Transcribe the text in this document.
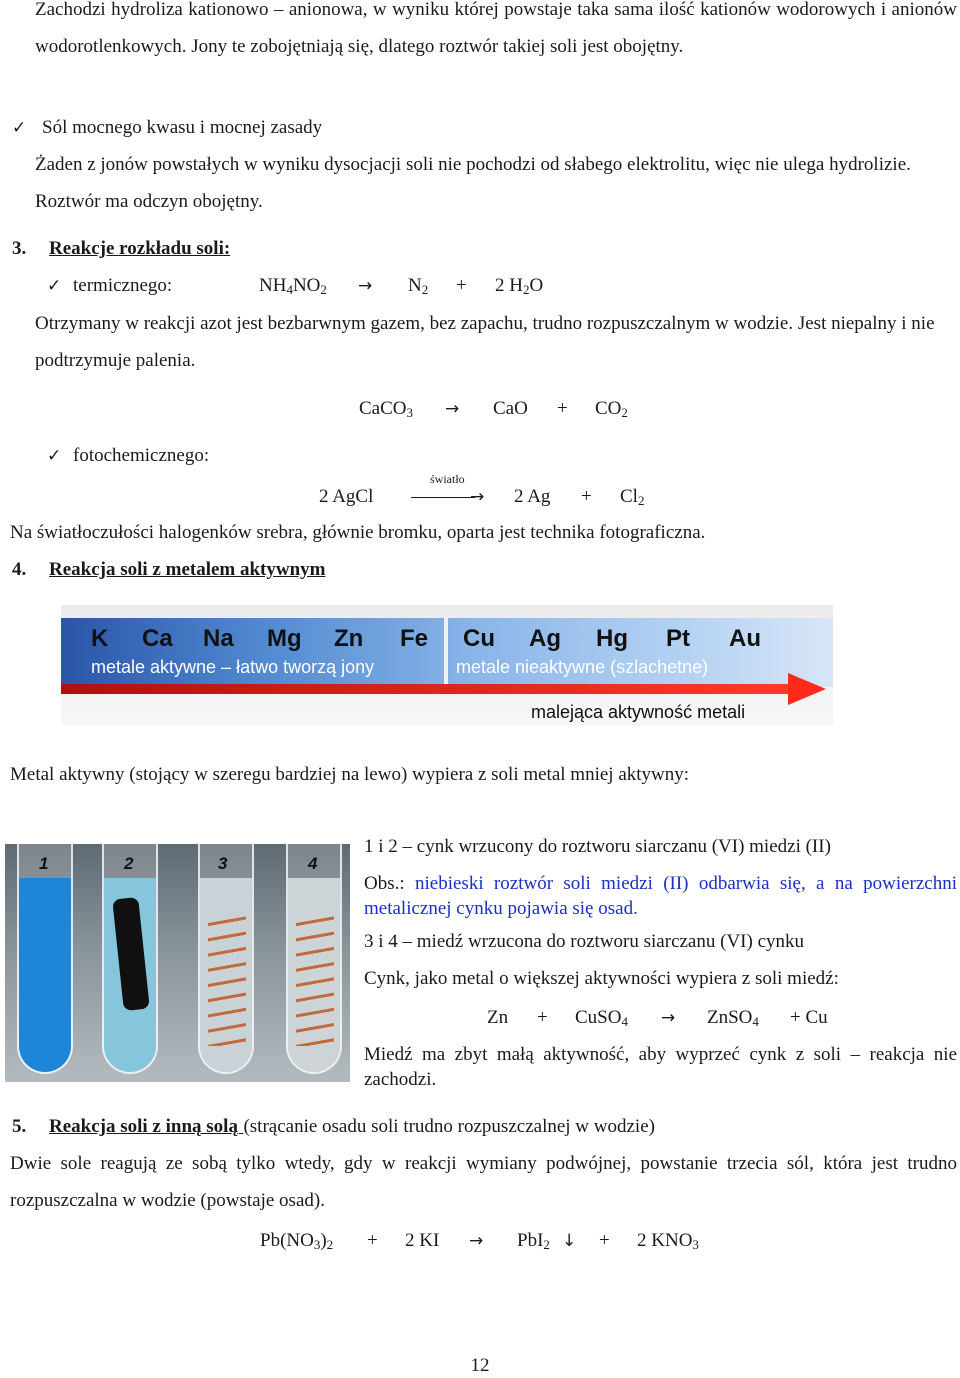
Zachodzi hydroliza kationowo – anionowa, w wyniku której powstaje taka sama ilość kationów wodorowych i anionów wodorotlenkowych. Jony te zobojętniają się, dlatego roztwór takiej soli jest obojętny.
✓ Sól mocnego kwasu i mocnej zasady
Żaden z jonów powstałych w wyniku dysocjacji soli nie pochodzi od słabego elektrolitu, więc nie ulega hydrolizie. Roztwór ma odczyn obojętny.
3. Reakcje rozkładu soli:
✓ termicznego:	$NH_4NO_2 \to N_2 + 2$ $H_2O$
Otrzymany w reakcji azot jest bezbarwnym gazem, bez zapachu, trudno rozpuszczalnym w wodzie. Jest niepalny i nie podtrzymuje palenia.
CaCO$_3$ → CaO + $CO_2$
✓ fotochemicznego:
2 AgCl
światło
→ 2 $Ag + Cl_2$
Na światłoczułości halogenków srebra, głównie bromku, oparta jest technika fotograficzna.
4. Reakcja soli z metalem aktywnym
K Ca Na Mg Zn Fe Cu Ag Hg Pt Au
metale aktywne – łatwo tworzą jony	metale nieaktywne (szlachetne)
malejąca aktywność metali
Metal aktywny (stojący w szeregu bardziej na lewo) wypiera z soli metal mniej aktywny:
1	2	3	4
1 i 2 – cynk wrzucony do roztworu siarczanu (VI) miedzi (II)
Obs.: niebieski roztwór soli miedzi (II) odbarwia się, a na powierzchni metalicznej cynku pojawia się osad.
3 i 4 – miedź wrzucona do roztworu siarczanu (VI) cynku
Cynk, jako metal o większej aktywności wypiera z soli miedź:
Zn + CuSO$_4$ → ZnSO$_4$ + Cu
Miedź ma zbyt małą aktywność, aby wyprzeć cynk z soli – reakcja nie zachodzi.
5. Reakcja soli z inną solą (strącanie osadu soli trudno rozpuszczalnej w wodzie)
Dwie sole reagują ze sobą tylko wtedy, gdy w reakcji wymiany podwójnej, powstanie trzecia sól, która jest trudno rozpuszczalna w wodzie (powstaje osad).
$Pb(NO_3)_2 + 2$ KI → PbI$_2$ ↓ + 2 $KNO_3$
12
